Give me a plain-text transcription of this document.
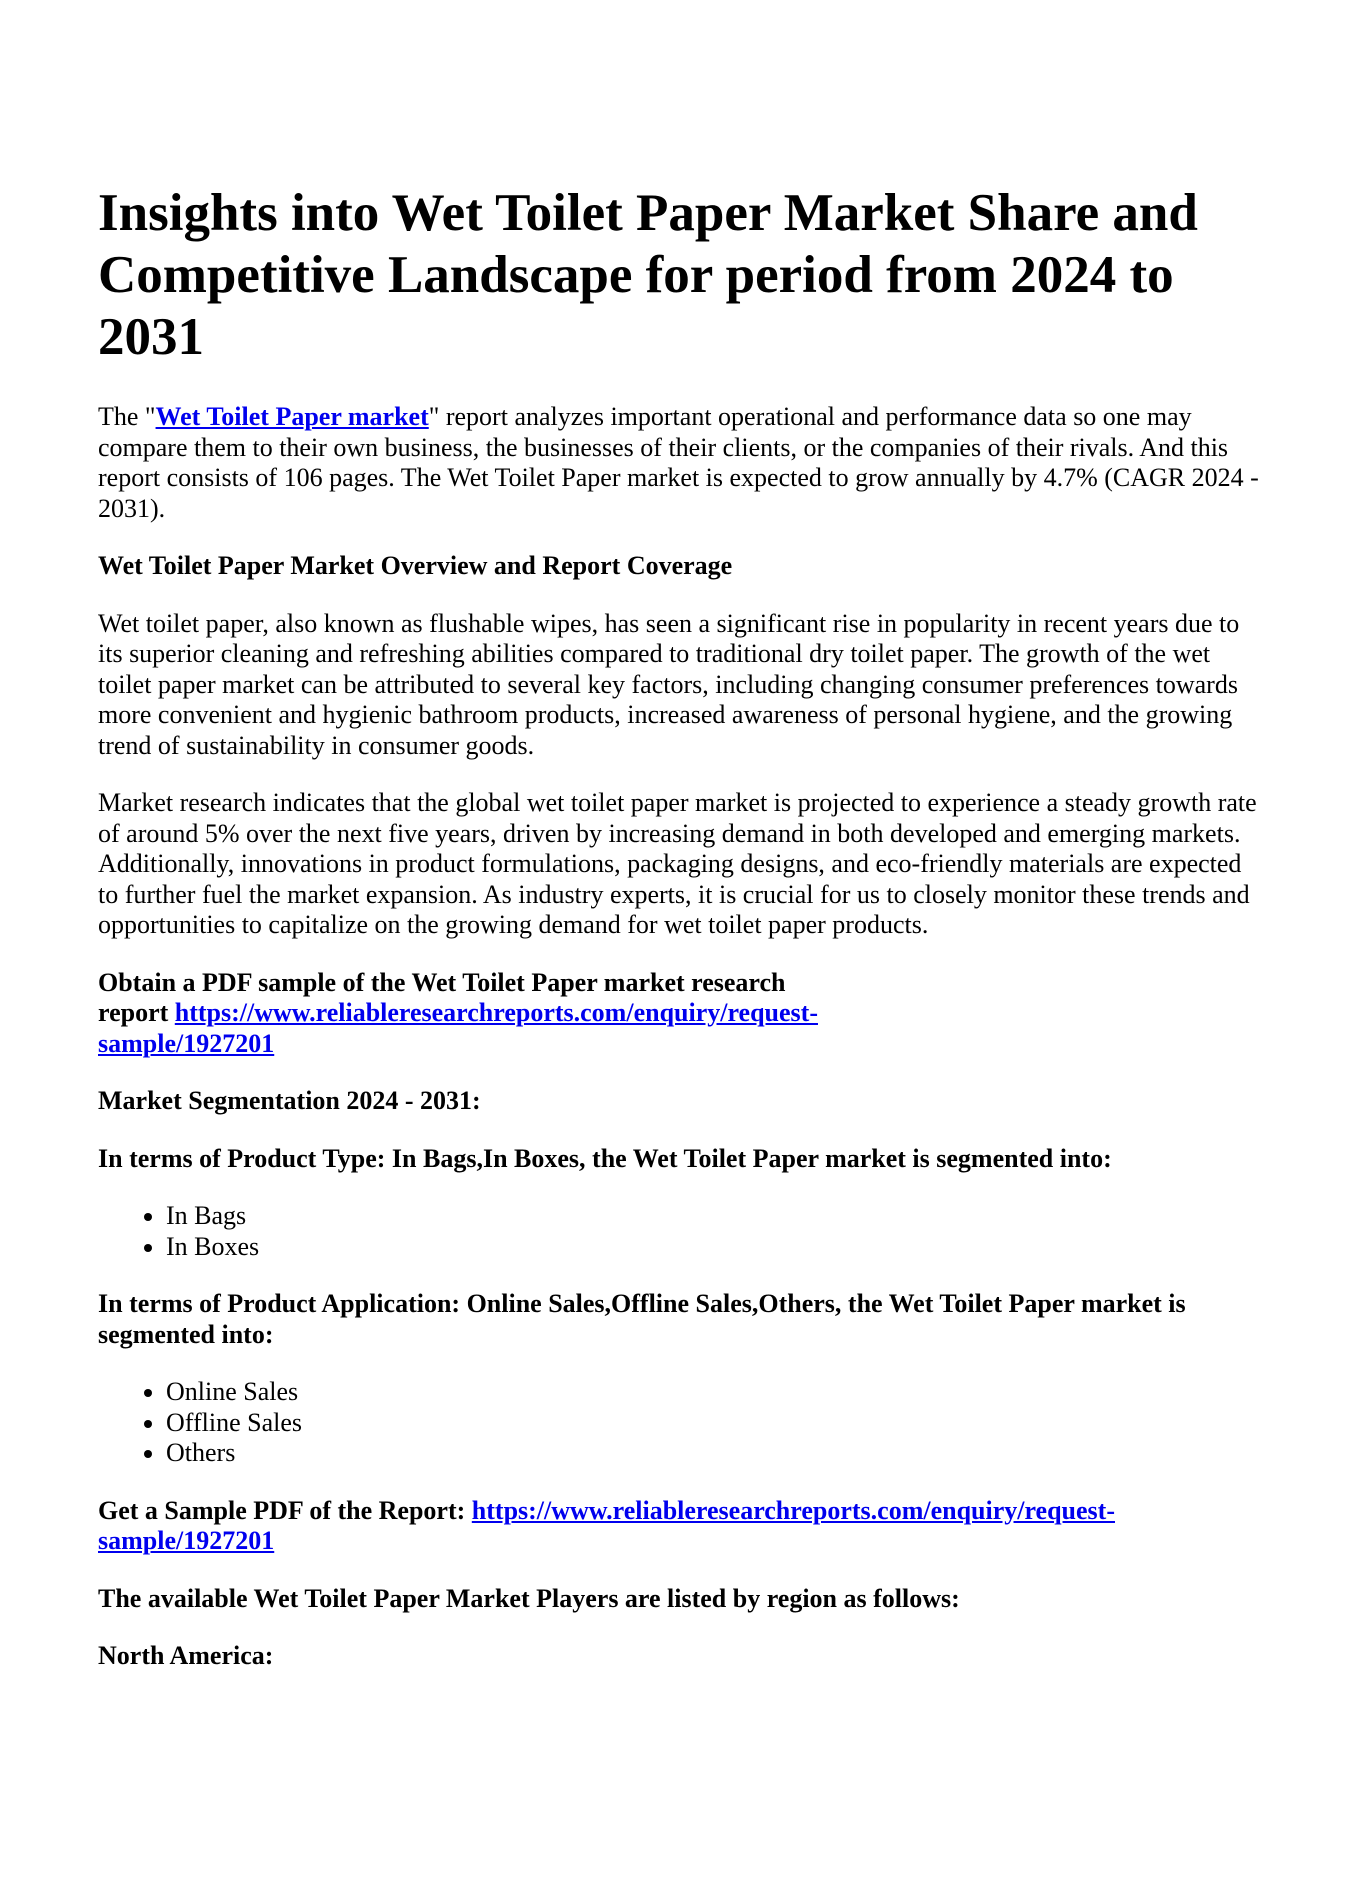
Insights into Wet Toilet Paper Market Share and Competitive Landscape for period from 2024 to 2031

The "Wet Toilet Paper market" report analyzes important operational and performance data so one may compare them to their own business, the businesses of their clients, or the companies of their rivals. And this report consists of 106 pages. The Wet Toilet Paper market is expected to grow annually by 4.7% (CAGR 2024 - 2031).

Wet Toilet Paper Market Overview and Report Coverage

Wet toilet paper, also known as flushable wipes, has seen a significant rise in popularity in recent years due to its superior cleaning and refreshing abilities compared to traditional dry toilet paper. The growth of the wet toilet paper market can be attributed to several key factors, including changing consumer preferences towards more convenient and hygienic bathroom products, increased awareness of personal hygiene, and the growing trend of sustainability in consumer goods.

Market research indicates that the global wet toilet paper market is projected to experience a steady growth rate of around 5% over the next five years, driven by increasing demand in both developed and emerging markets. Additionally, innovations in product formulations, packaging designs, and eco-friendly materials are expected to further fuel the market expansion. As industry experts, it is crucial for us to closely monitor these trends and opportunities to capitalize on the growing demand for wet toilet paper products.

Obtain a PDF sample of the Wet Toilet Paper market research report https://www.reliableresearchreports.com/enquiry/request-sample/1927201
Market Segmentation 2024 - 2031:
In terms of Product Type: In Bags,In Boxes, the Wet Toilet Paper market is segmented into:
• In Bags
• In Boxes
In terms of Product Application: Online Sales,Offline Sales,Others, the Wet Toilet Paper market is segmented into:
• Online Sales
• Offline Sales
• Others
Get a Sample PDF of the Report: https://www.reliableresearchreports.com/enquiry/request-sample/1927201
The available Wet Toilet Paper Market Players are listed by region as follows:
North America:
